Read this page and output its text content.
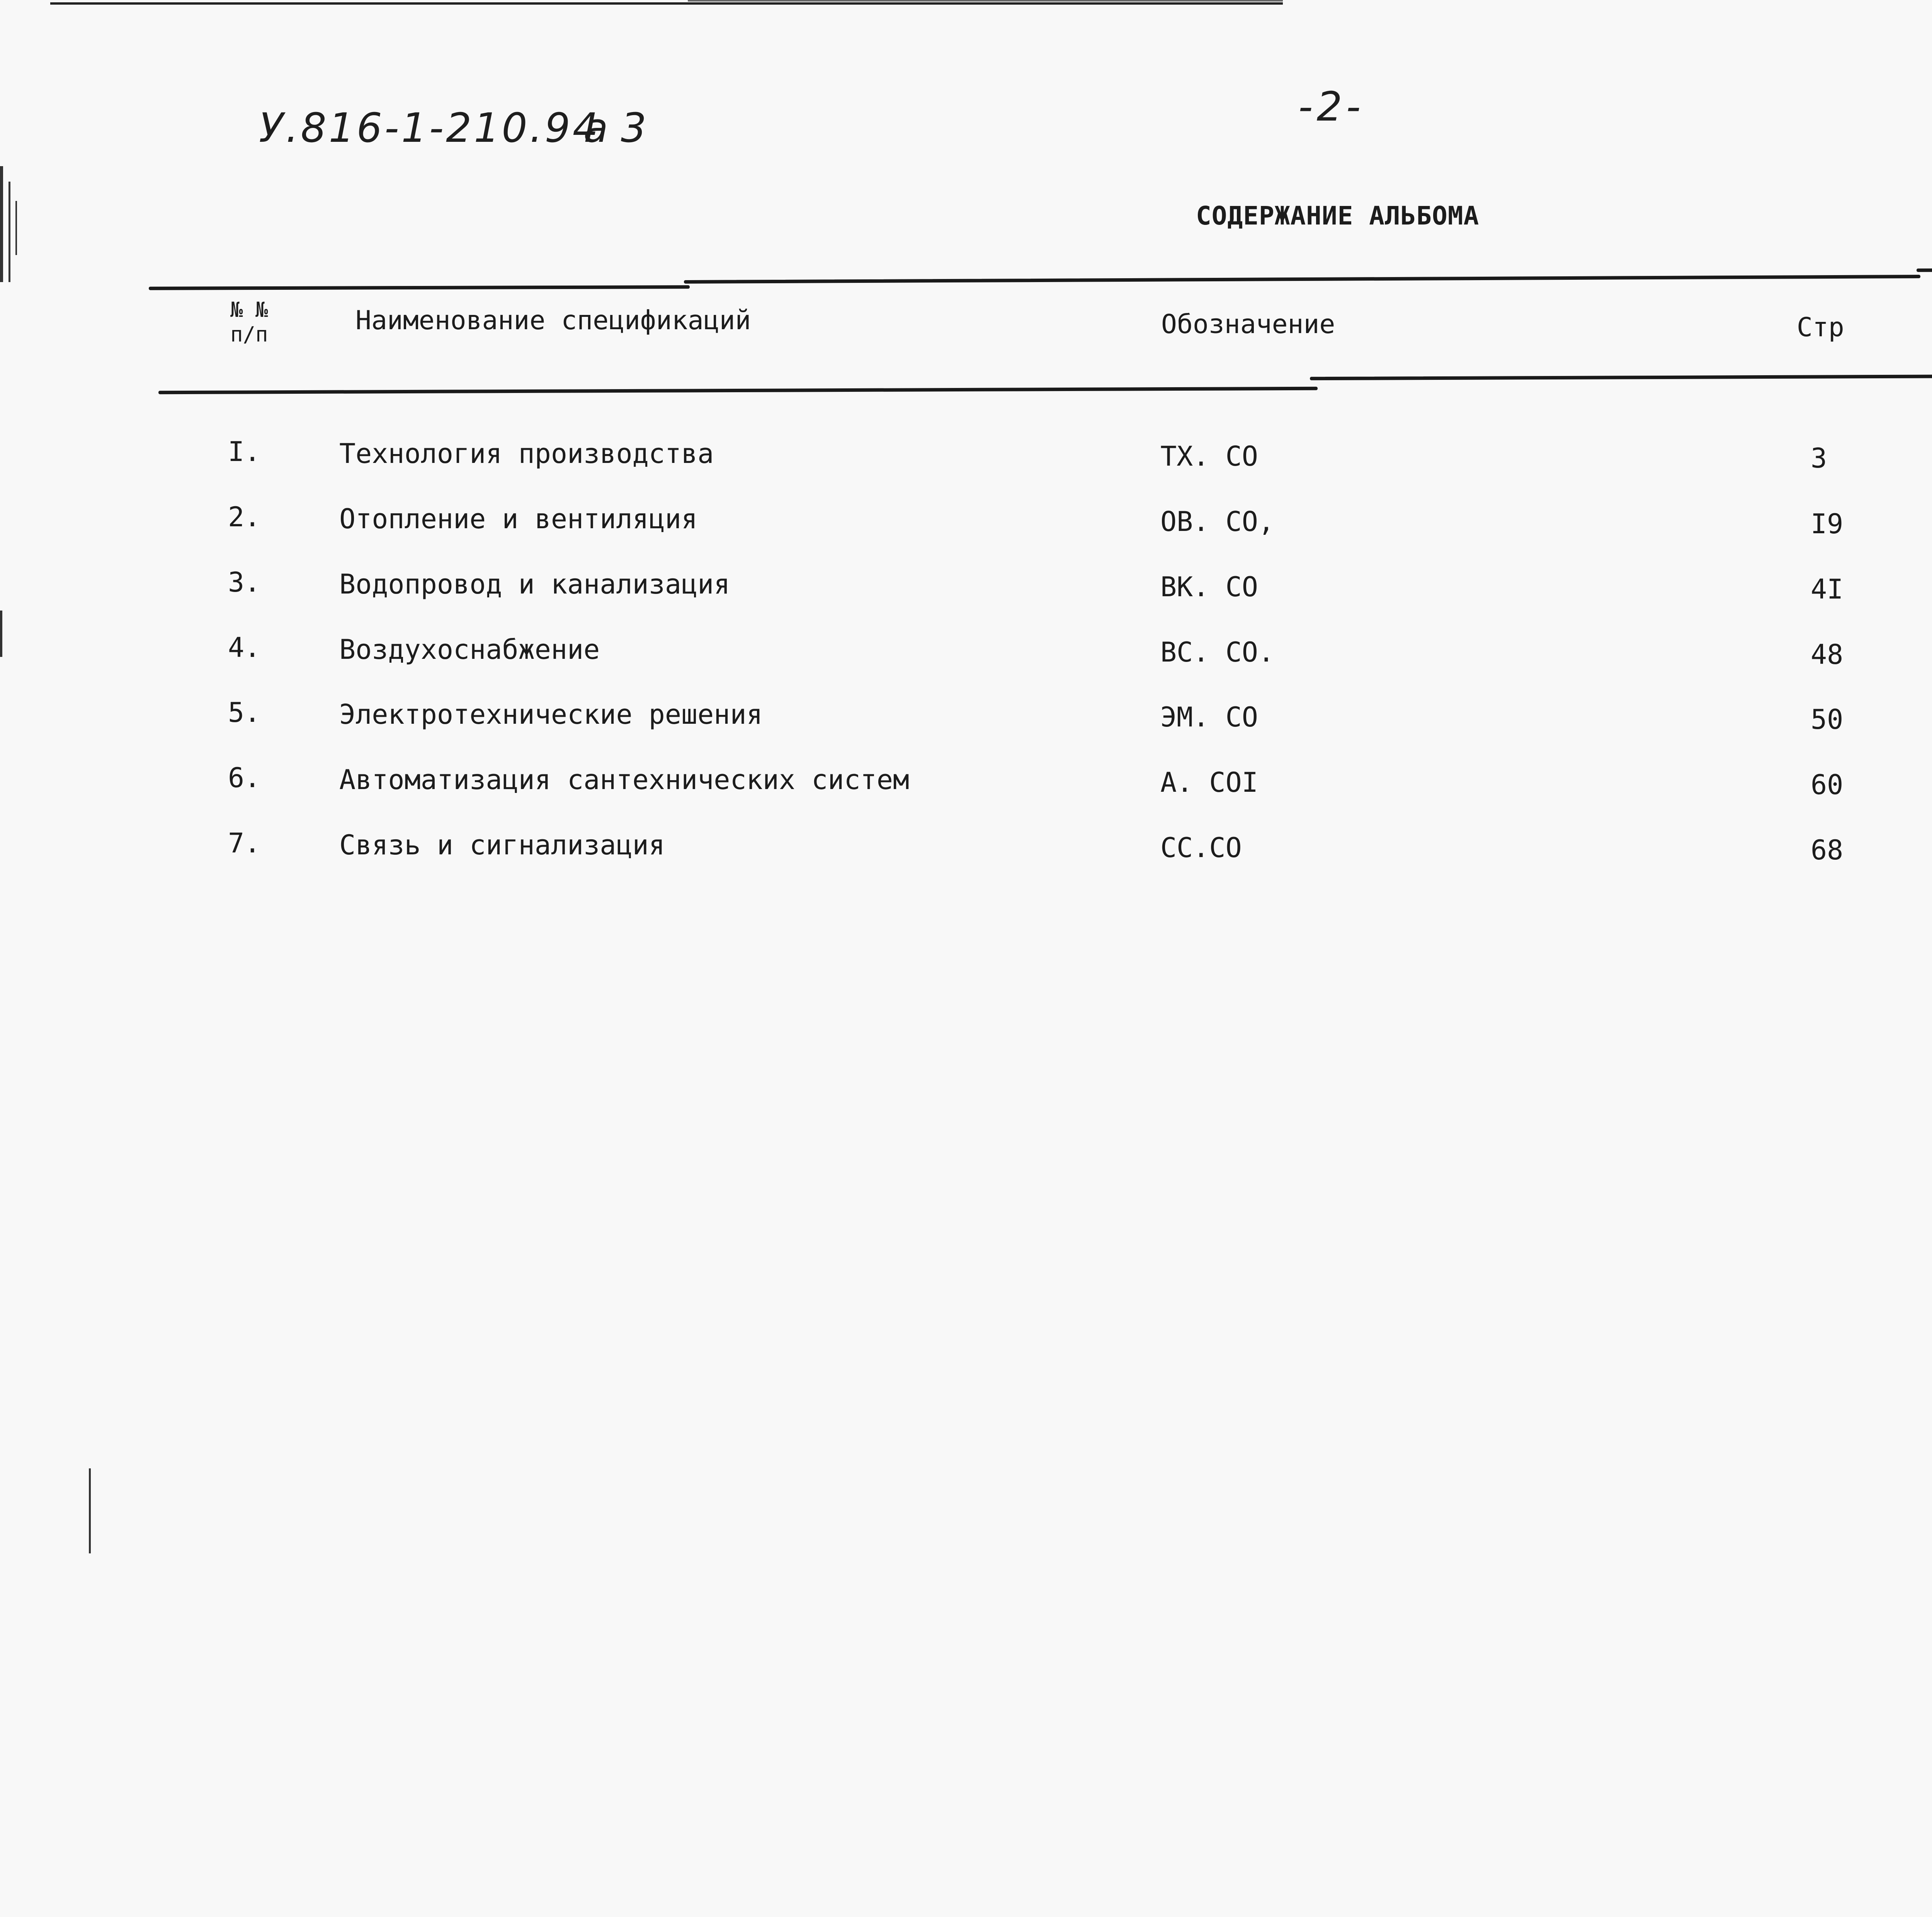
У.816-1-210.94
а 3	-2-
СОДЕРЖАНИЕ АЛЬБОМА
№ №
п/п	Наименование спецификаций	Обозначение	Стр
I.	Технология производства	ТХ. СО	3
2.	Отопление и вентиляция	ОВ. СО,	I9
3.	Водопровод и канализация	ВК. СО	4I
4.	Воздухоснабжение	ВС. СО.	48
5.	Электротехнические решения	ЭМ. СО	50
6.	Автоматизация сантехнических систем	А. СОI	60
7.	Связь и сигнализация	СС.СО	68
